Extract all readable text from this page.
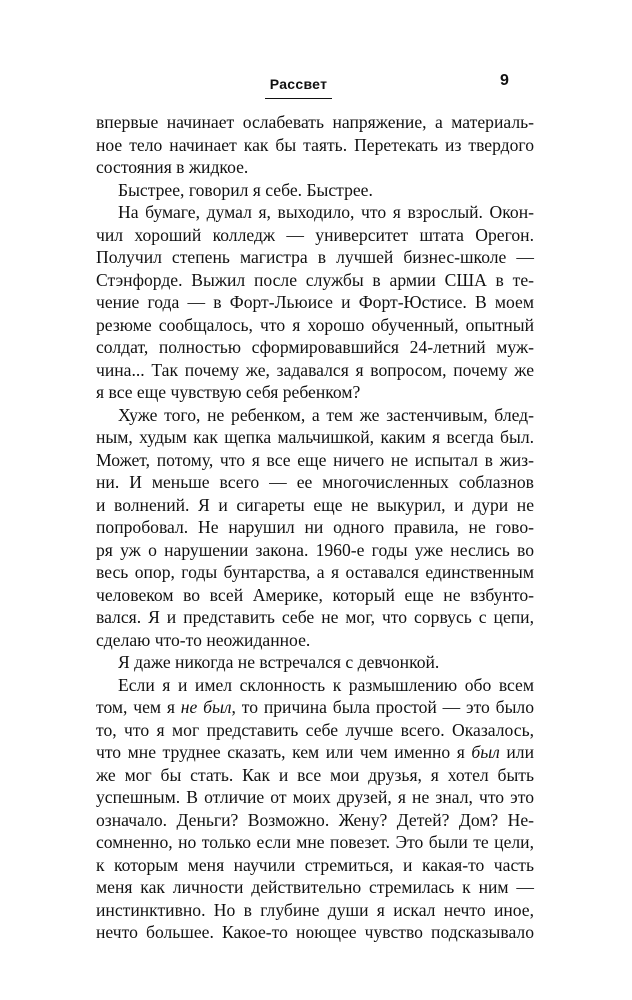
Рассвет	9
впервые начинает ослабевать напряжение, а материаль-
ное тело начинает как бы таять. Перетекать из твердого
состояния в жидкое.
Быстрее, говорил я себе. Быстрее.
На бумаге, думал я, выходило, что я взрослый. Окон-
чил хороший колледж — университет штата Орегон.
Получил степень магистра в лучшей бизнес-школе —
Стэнфорде. Выжил после службы в армии США в те-
чение года — в Форт-Льюисе и Форт-Юстисе. В моем
резюме сообщалось, что я хорошо обученный, опытный
солдат, полностью сформировавшийся 24-летний муж-
чина... Так почему же, задавался я вопросом, почему же
я все еще чувствую себя ребенком?
Хуже того, не ребенком, а тем же застенчивым, блед-
ным, худым как щепка мальчишкой, каким я всегда был.
Может, потому, что я все еще ничего не испытал в жиз-
ни. И меньше всего — ее многочисленных соблазнов
и волнений. Я и сигареты еще не выкурил, и дури не
попробовал. Не нарушил ни одного правила, не гово-
ря уж о нарушении закона. 1960-е годы уже неслись во
весь опор, годы бунтарства, а я оставался единственным
человеком во всей Америке, который еще не взбунто-
вался. Я и представить себе не мог, что сорвусь с цепи,
сделаю что-то неожиданное.
Я даже никогда не встречался с девчонкой.
Если я и имел склонность к размышлению обо всем
том, чем я не был, то причина была простой — это было
то, что я мог представить себе лучше всего. Оказалось,
что мне труднее сказать, кем или чем именно я был или
же мог бы стать. Как и все мои друзья, я хотел быть
успешным. В отличие от моих друзей, я не знал, что это
означало. Деньги? Возможно. Жену? Детей? Дом? Не-
сомненно, но только если мне повезет. Это были те цели,
к которым меня научили стремиться, и какая-то часть
меня как личности действительно стремилась к ним —
инстинктивно. Но в глубине души я искал нечто иное,
нечто большее. Какое-то ноющее чувство подсказывало
